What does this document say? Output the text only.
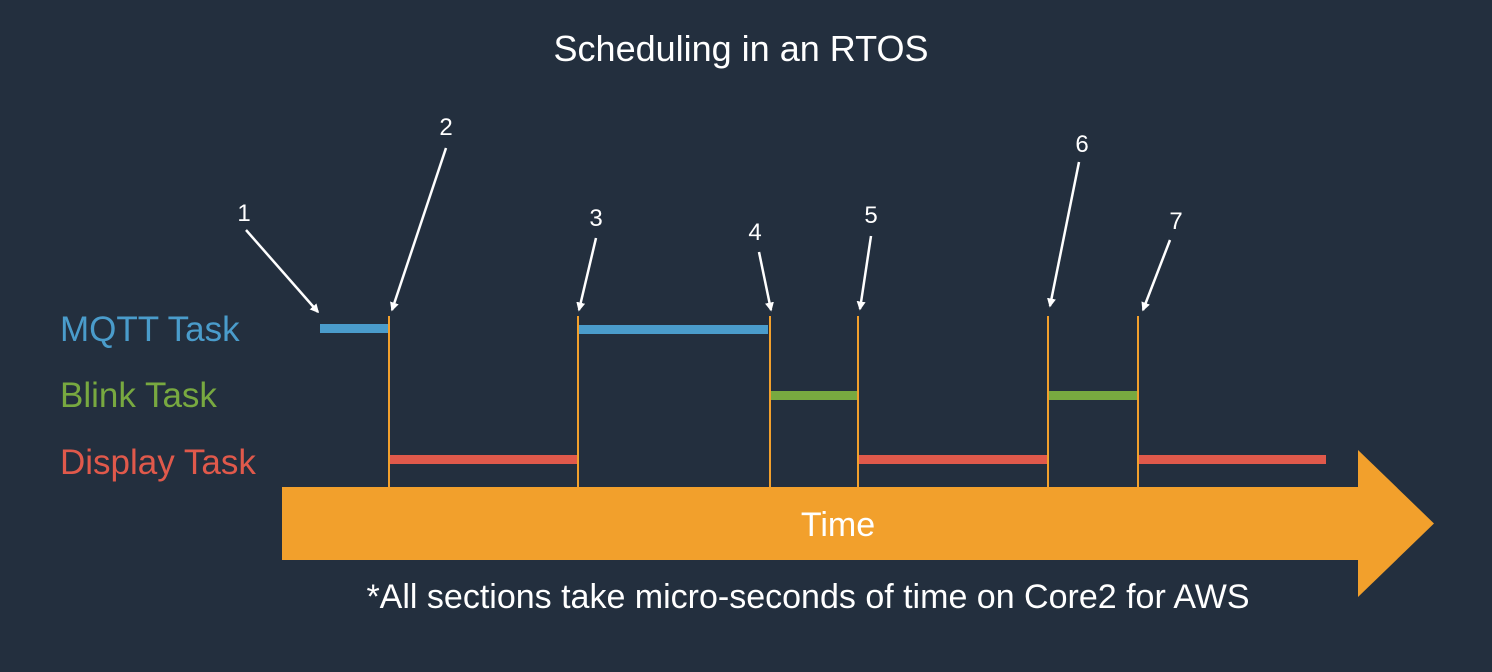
Scheduling in an RTOS
MQTT Task
Blink Task
Display Task
Time
1
2
3
4
5
6
7
*All sections take micro-seconds of time on Core2 for AWS
